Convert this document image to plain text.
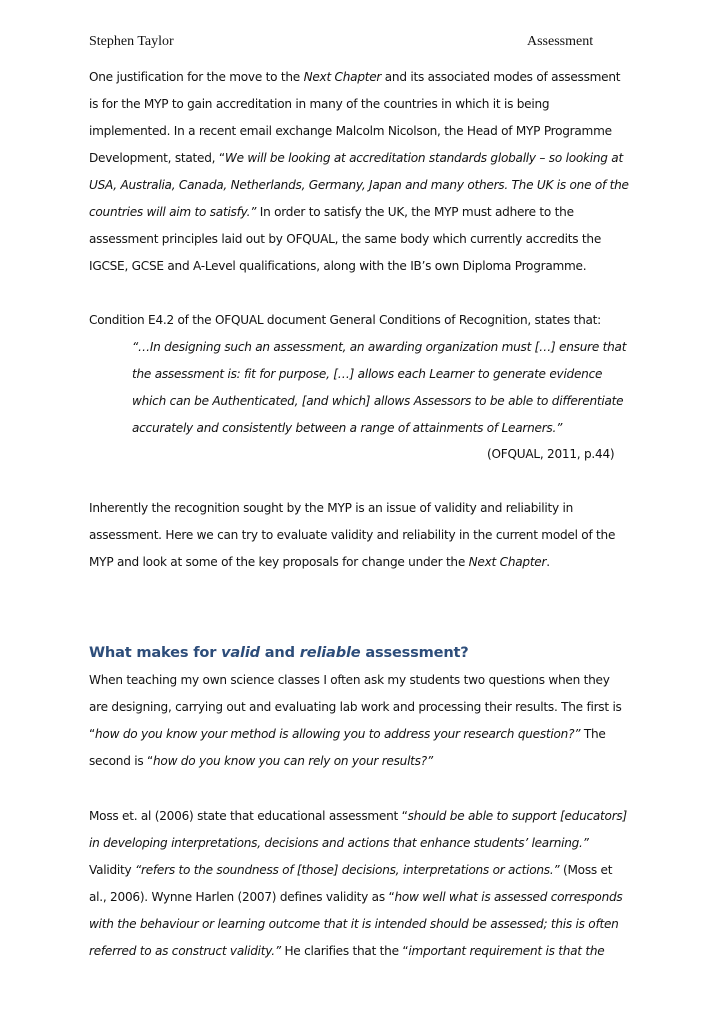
Stephen Taylor	Assessment
One justification for the move to the Next Chapter and its associated modes of assessment
is for the MYP to gain accreditation in many of the countries in which it is being
implemented. In a recent email exchange Malcolm Nicolson, the Head of MYP Programme
Development, stated, “We will be looking at accreditation standards globally – so looking at
USA, Australia, Canada, Netherlands, Germany, Japan and many others. The UK is one of the
countries will aim to satisfy.” In order to satisfy the UK, the MYP must adhere to the
assessment principles laid out by OFQUAL, the same body which currently accredits the
IGCSE, GCSE and A-Level qualifications, along with the IB’s own Diploma Programme.
Condition E4.2 of the OFQUAL document General Conditions of Recognition, states that:
“…In designing such an assessment, an awarding organization must […] ensure that
the assessment is: fit for purpose, […] allows each Learner to generate evidence
which can be Authenticated, [and which] allows Assessors to be able to differentiate
accurately and consistently between a range of attainments of Learners.”
(OFQUAL, 2011, p.44)
Inherently the recognition sought by the MYP is an issue of validity and reliability in
assessment. Here we can try to evaluate validity and reliability in the current model of the
MYP and look at some of the key proposals for change under the Next Chapter.
What makes for valid and reliable assessment?
When teaching my own science classes I often ask my students two questions when they
are designing, carrying out and evaluating lab work and processing their results. The first is
“how do you know your method is allowing you to address your research question?” The
second is “how do you know you can rely on your results?”
Moss et. al (2006) state that educational assessment “should be able to support [educators]
in developing interpretations, decisions and actions that enhance students’ learning.”
Validity “refers to the soundness of [those] decisions, interpretations or actions.” (Moss et
al., 2006). Wynne Harlen (2007) defines validity as “how well what is assessed corresponds
with the behaviour or learning outcome that it is intended should be assessed; this is often
referred to as construct validity.” He clarifies that the “important requirement is that the
